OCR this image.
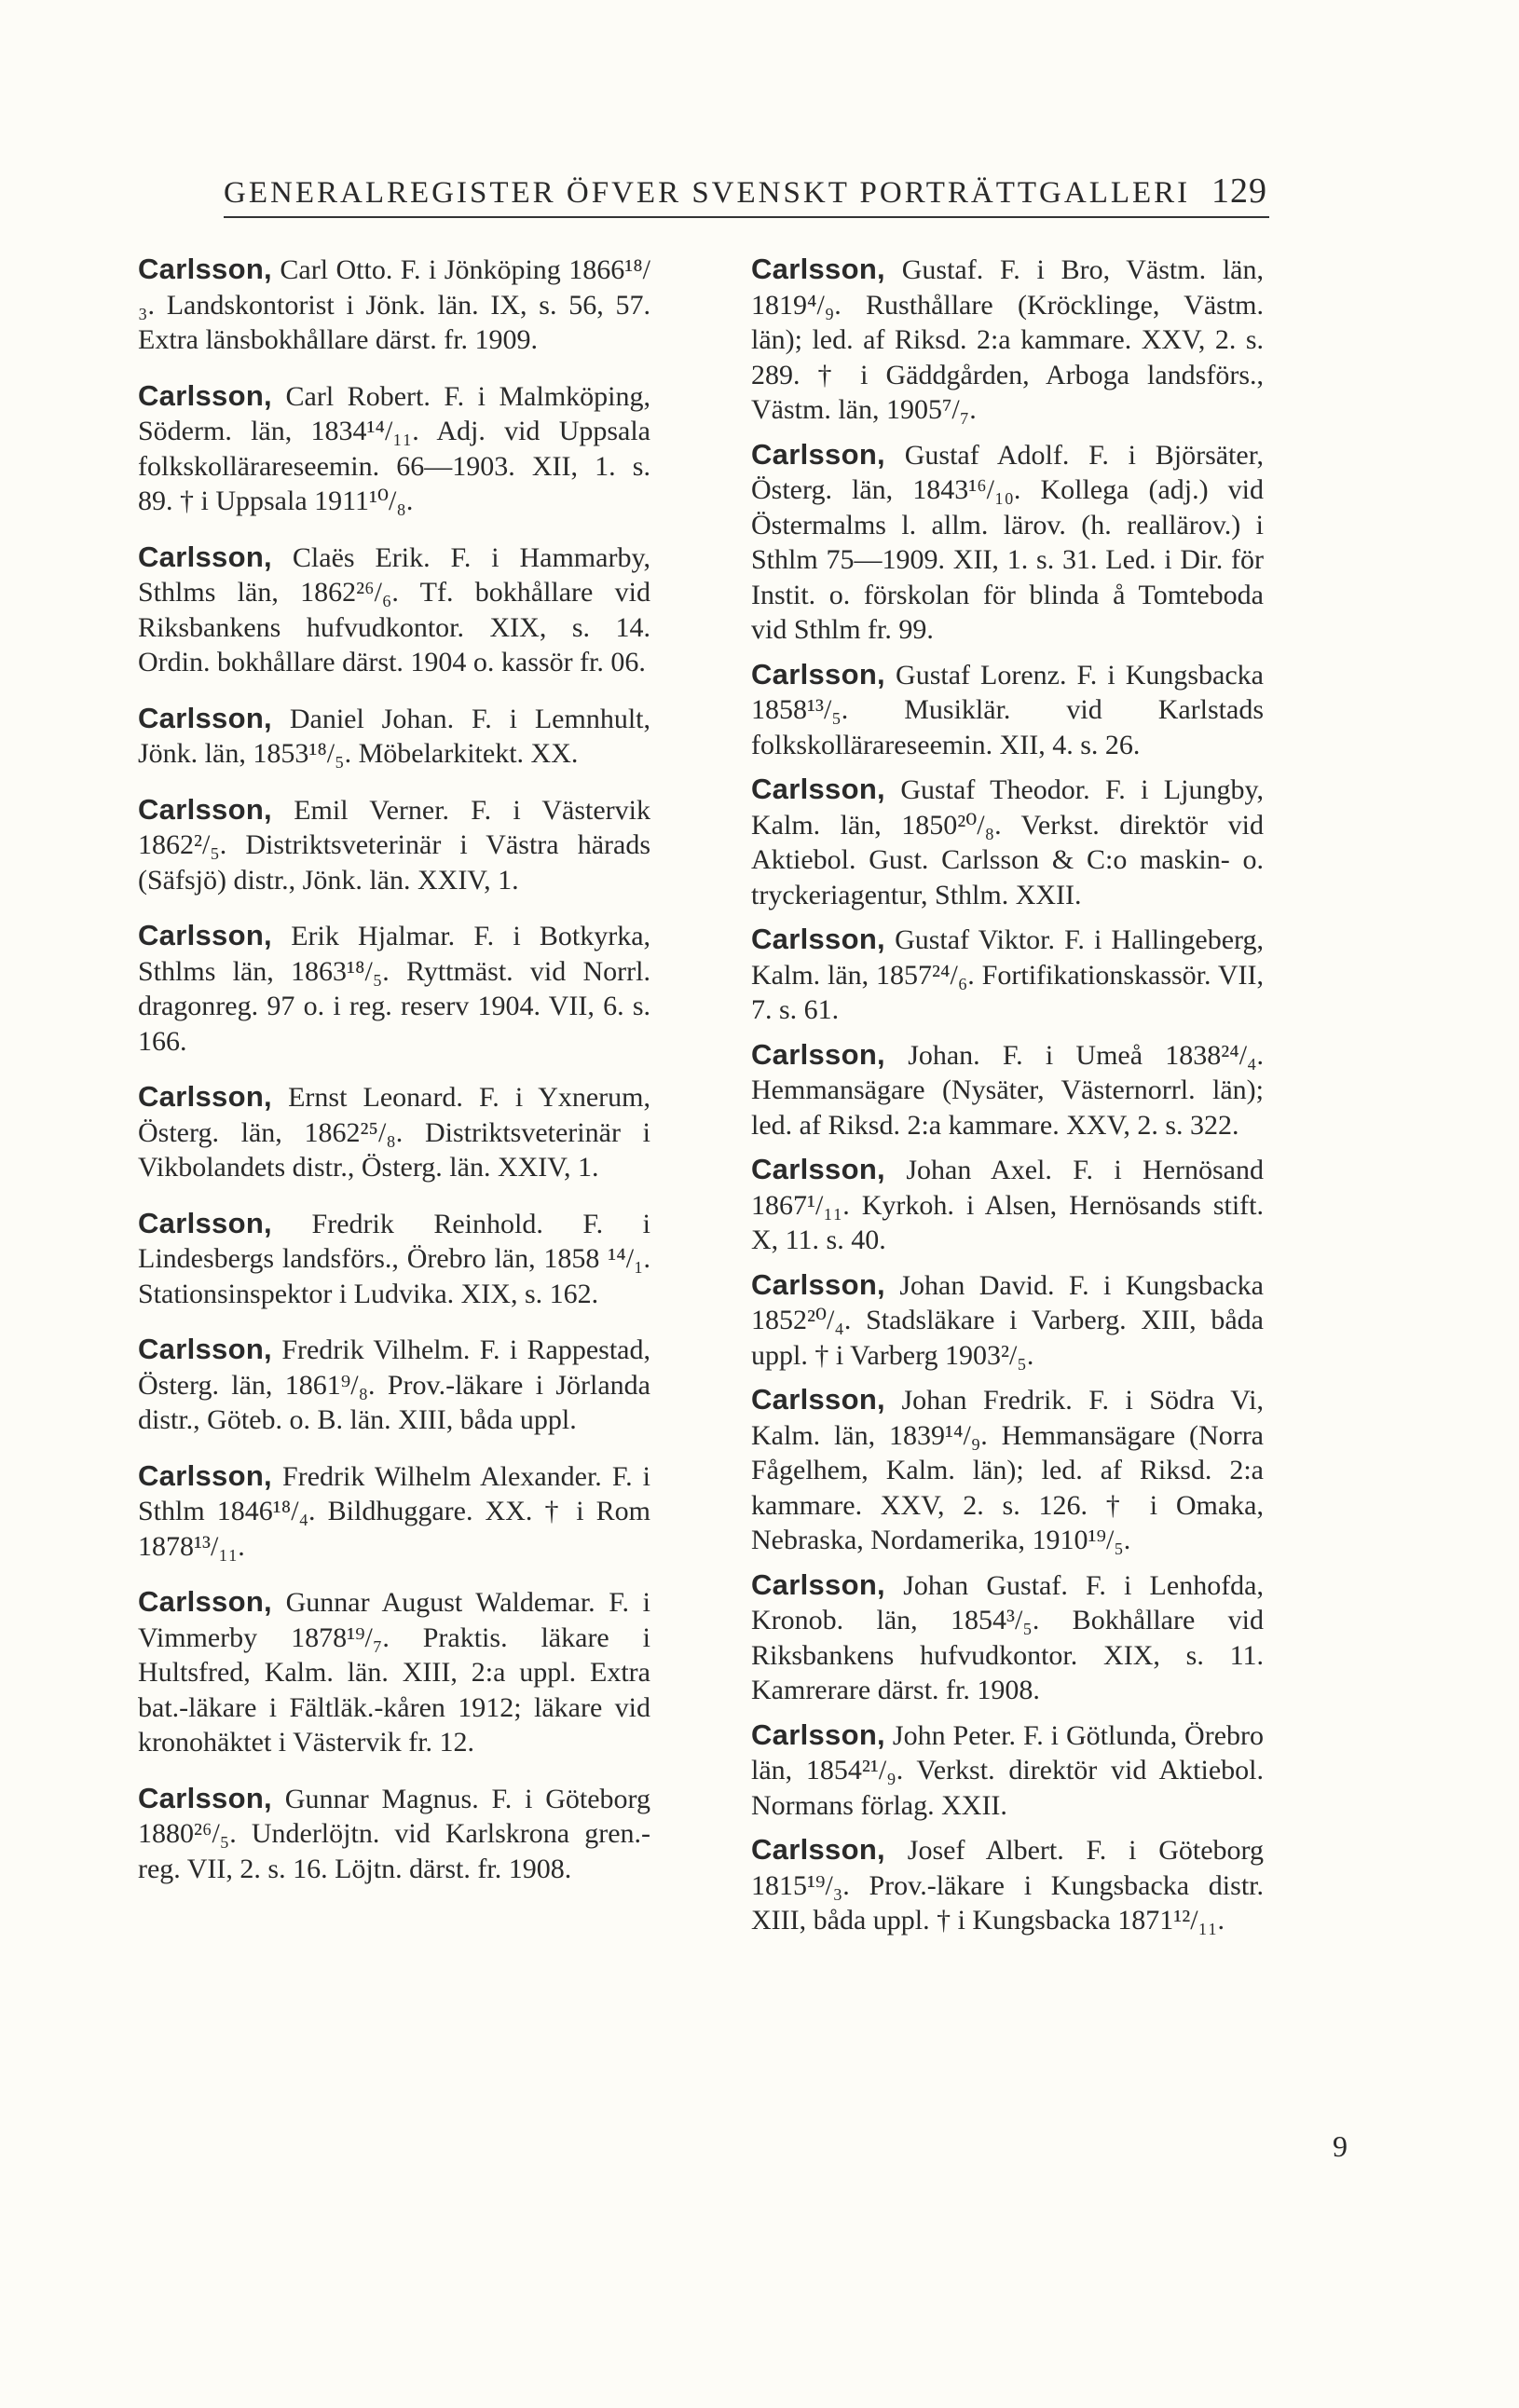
GENERALREGISTER ÖFVER SVENSKT PORTRÄTTGALLERI 129

Carlsson, Carl Otto. F. i Jönköping 1866¹⁸/₃. Landskontorist i Jönk. län. IX, s. 56, 57. Extra länsbokhållare därst. fr. 1909.

Carlsson, Carl Robert. F. i Malmköping, Söderm. län, 1834¹⁴/₁₁. Adj. vid Uppsala folkskollärareseemin. 66—1903. XII, 1. s. 89. † i Uppsala 1911¹⁰/₈.

Carlsson, Claës Erik. F. i Hammarby, Sthlms län, 1862²⁶/₆. Tf. bokhållare vid Riksbankens hufvudkontor. XIX, s. 14. Ordin. bokhållare därst. 1904 o. kassör fr. 06.

Carlsson, Daniel Johan. F. i Lemnhult, Jönk. län, 1853¹⁸/₅. Möbelarkitekt. XX.

Carlsson, Emil Verner. F. i Västervik 1862²/₅. Distriktsveterinär i Västra härads (Säfsjö) distr., Jönk. län. XXIV, 1.

Carlsson, Erik Hjalmar. F. i Botkyrka, Sthlms län, 1863¹⁸/₅. Ryttmäst. vid Norrl. dragonreg. 97 o. i reg. reserv 1904. VII, 6. s. 166.

Carlsson, Ernst Leonard. F. i Yxnerum, Österg. län, 1862²⁵/₈. Distriktsveterinär i Vikbolandets distr., Österg. län. XXIV, 1.

Carlsson, Fredrik Reinhold. F. i Lindesbergs landsförs., Örebro län, 1858 ¹⁴/₁. Stationsinspektor i Ludvika. XIX, s. 162.

Carlsson, Fredrik Vilhelm. F. i Rappestad, Österg. län, 1861⁹/₈. Prov.-läkare i Jörlanda distr., Göteb. o. B. län. XIII, båda uppl.

Carlsson, Fredrik Wilhelm Alexander. F. i Sthlm 1846¹⁸/₄. Bildhuggare. XX. † i Rom 1878¹³/₁₁.

Carlsson, Gunnar August Waldemar. F. i Vimmerby 1878¹⁹/₇. Praktis. läkare i Hultsfred, Kalm. län. XIII, 2:a uppl. Extra bat.-läkare i Fältläk.-kåren 1912; läkare vid kronohäktet i Västervik fr. 12.

Carlsson, Gunnar Magnus. F. i Göteborg 1880²⁶/₅. Underlöjtn. vid Karlskrona gren.-reg. VII, 2. s. 16. Löjtn. därst. fr. 1908.

Carlsson, Gustaf. F. i Bro, Västm. län, 1819⁴/₉. Rusthållare (Kröcklinge, Västm. län); led. af Riksd. 2:a kammare. XXV, 2. s. 289. † i Gäddgården, Arboga landsförs., Västm. län, 1905⁷/₇.

Carlsson, Gustaf Adolf. F. i Björsäter, Österg. län, 1843¹⁶/₁₀. Kollega (adj.) vid Östermalms l. allm. lärov. (h. reallärov.) i Sthlm 75—1909. XII, 1. s. 31. Led. i Dir. för Instit. o. förskolan för blinda å Tomteboda vid Sthlm fr. 99.

Carlsson, Gustaf Lorenz. F. i Kungsbacka 1858¹³/₅. Musiklär. vid Karlstads folkskollärareseemin. XII, 4. s. 26.

Carlsson, Gustaf Theodor. F. i Ljungby, Kalm. län, 1850²⁰/₈. Verkst. direktör vid Aktiebol. Gust. Carlsson & C:o maskin- o. tryckeriagentur, Sthlm. XXII.

Carlsson, Gustaf Viktor. F. i Hallingeberg, Kalm. län, 1857²⁴/₆. Fortifikationskassör. VII, 7. s. 61.

Carlsson, Johan. F. i Umeå 1838²⁴/₄. Hemmansägare (Nysäter, Västernorrl. län); led. af Riksd. 2:a kammare. XXV, 2. s. 322.

Carlsson, Johan Axel. F. i Hernösand 1867¹/₁₁. Kyrkoh. i Alsen, Hernösands stift. X, 11. s. 40.

Carlsson, Johan David. F. i Kungsbacka 1852²⁰/₄. Stadsläkare i Varberg. XIII, båda uppl. † i Varberg 1903²/₅.

Carlsson, Johan Fredrik. F. i Södra Vi, Kalm. län, 1839¹⁴/₉. Hemmansägare (Norra Fågelhem, Kalm. län); led. af Riksd. 2:a kammare. XXV, 2. s. 126. † i Omaka, Nebraska, Nordamerika, 1910¹⁹/₅.

Carlsson, Johan Gustaf. F. i Lenhofda, Kronob. län, 1854³/₅. Bokhållare vid Riksbankens hufvudkontor. XIX, s. 11. Kamrerare därst. fr. 1908.

Carlsson, John Peter. F. i Götlunda, Örebro län, 1854²¹/₉. Verkst. direktör vid Aktiebol. Normans förlag. XXII.

Carlsson, Josef Albert. F. i Göteborg 1815¹⁹/₃. Prov.-läkare i Kungsbacka distr. XIII, båda uppl. † i Kungsbacka 1871¹²/₁₁.

9
